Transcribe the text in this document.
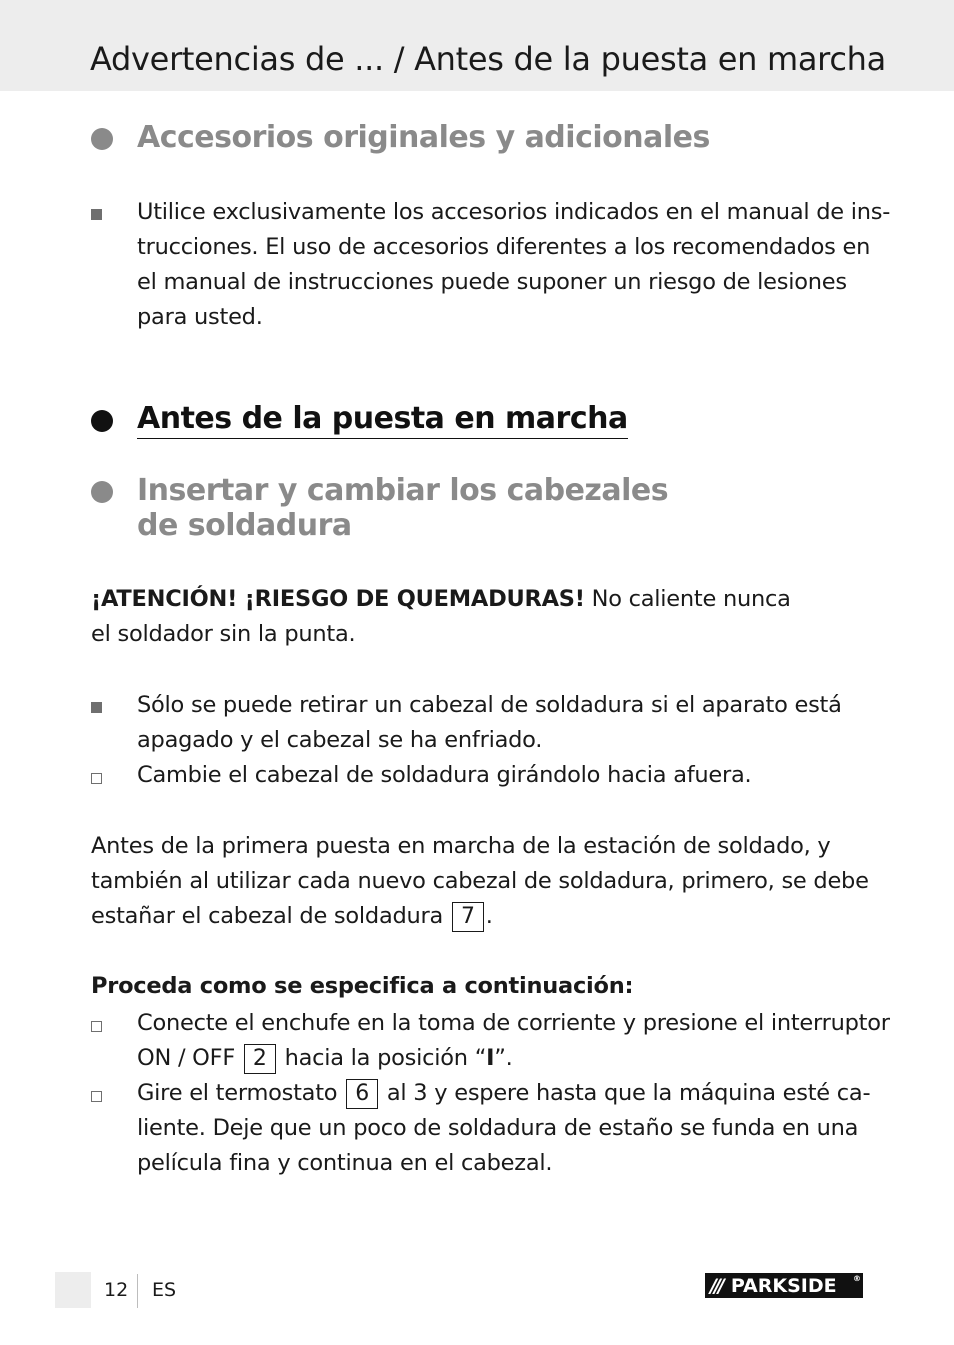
Advertencias de ... / Antes de la puesta en marcha
Accesorios originales y adicionales
Utilice exclusivamente los accesorios indicados en el manual de ins-
trucciones. El uso de accesorios diferentes a los recomendados en
el manual de instrucciones puede suponer un riesgo de lesiones
para usted.
Antes de la puesta en marcha
Insertar y cambiar los cabezales
de soldadura
¡ATENCIÓN! ¡RIESGO DE QUEMADURAS! No caliente nunca
el soldador sin la punta.
Sólo se puede retirar un cabezal de soldadura si el aparato está
apagado y el cabezal se ha enfriado.
Cambie el cabezal de soldadura girándolo hacia afuera.
Antes de la primera puesta en marcha de la estación de soldado, y
también al utilizar cada nuevo cabezal de soldadura, primero, se debe
estañar el cabezal de soldadura 7 .
Proceda como se especifica a continuación:
Conecte el enchufe en la toma de corriente y presione el interruptor
ON / OFF 2 hacia la posición “I”.
Gire el termostato 6 al 3 y espere hasta que la máquina esté ca-
liente. Deje que un poco de soldadura de estaño se funda en una
película fina y continua en el cabezal.
12 ES	/// PARKSIDE ®
